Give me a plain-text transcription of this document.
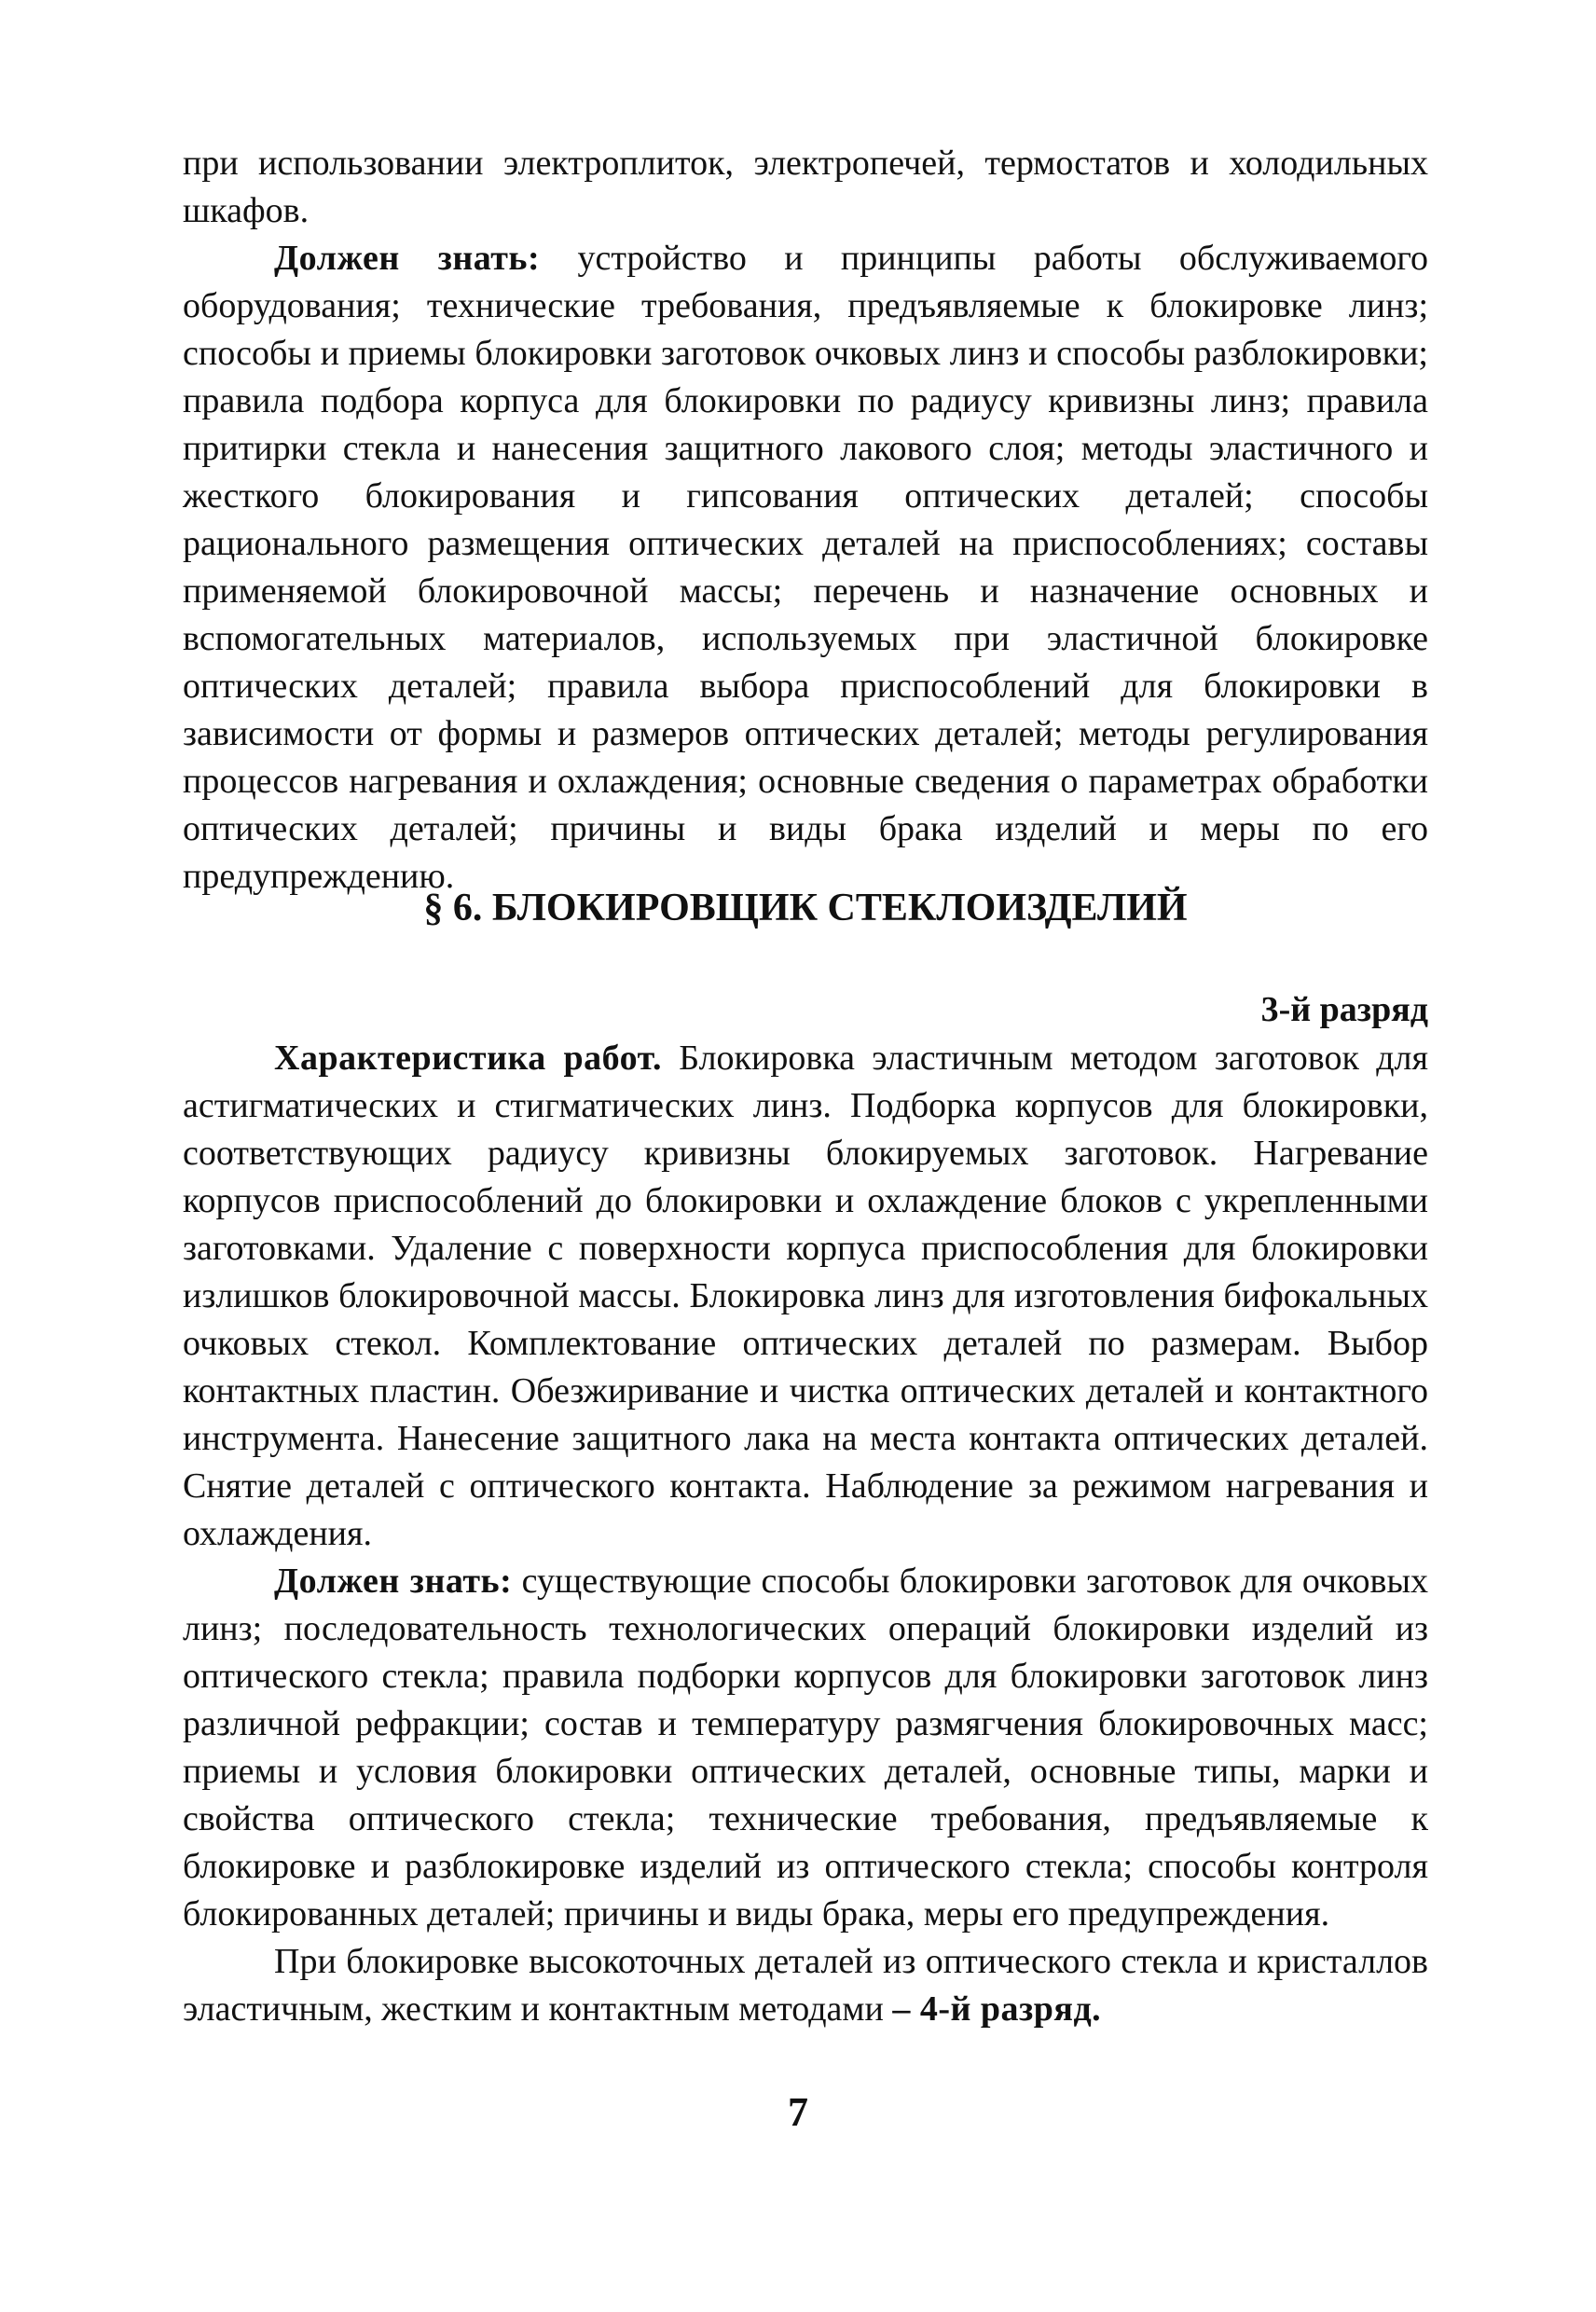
при использовании электроплиток, электропечей, термостатов и холодильных шкафов.

Должен знать: устройство и принципы работы обслуживаемого оборудования; технические требования, предъявляемые к блокировке линз; способы и приемы блокировки заготовок очковых линз и способы разблокировки; правила подбора корпуса для блокировки по радиусу кривизны линз; правила притирки стекла и нанесения защитного лакового слоя; методы эластичного и жесткого блокирования и гипсования оптических деталей; способы рационального размещения оптических деталей на приспособлениях; составы применяемой блокировочной массы; перечень и назначение основных и вспомогательных материалов, используемых при эластичной блокировке оптических деталей; правила выбора приспособлений для блокировки в зависимости от формы и размеров оптических деталей; методы регулирования процессов нагревания и охлаждения; основные сведения о параметрах обработки оптических деталей; причины и виды брака изделий и меры по его предупреждению.

§ 6. БЛОКИРОВЩИК СТЕКЛОИЗДЕЛИЙ
3-й разряд

Характеристика работ. Блокировка эластичным методом заготовок для астигматических и стигматических линз. Подборка корпусов для блокировки, соответствующих радиусу кривизны блокируемых заготовок. Нагревание корпусов приспособлений до блокировки и охлаждение блоков с укрепленными заготовками. Удаление с поверхности корпуса приспособления для блокировки излишков блокировочной массы. Блокировка линз для изготовления бифокальных очковых стекол. Комплектование оптических деталей по размерам. Выбор контактных пластин. Обезжиривание и чистка оптических деталей и контактного инструмента. Нанесение защитного лака на места контакта оптических деталей. Снятие деталей с оптического контакта. Наблюдение за режимом нагревания и охлаждения.

Должен знать: существующие способы блокировки заготовок для очковых линз; последовательность технологических операций блокировки изделий из оптического стекла; правила подборки корпусов для блокировки заготовок линз различной рефракции; состав и температуру размягчения блокировочных масс; приемы и условия блокировки оптических деталей, основные типы, марки и свойства оптического стекла; технические требования, предъявляемые к блокировке и разблокировке изделий из оптического стекла; способы контроля блокированных деталей; причины и виды брака, меры его предупреждения.

При блокировке высокоточных деталей из оптического стекла и кристаллов эластичным, жестким и контактным методами – 4-й разряд.

7
